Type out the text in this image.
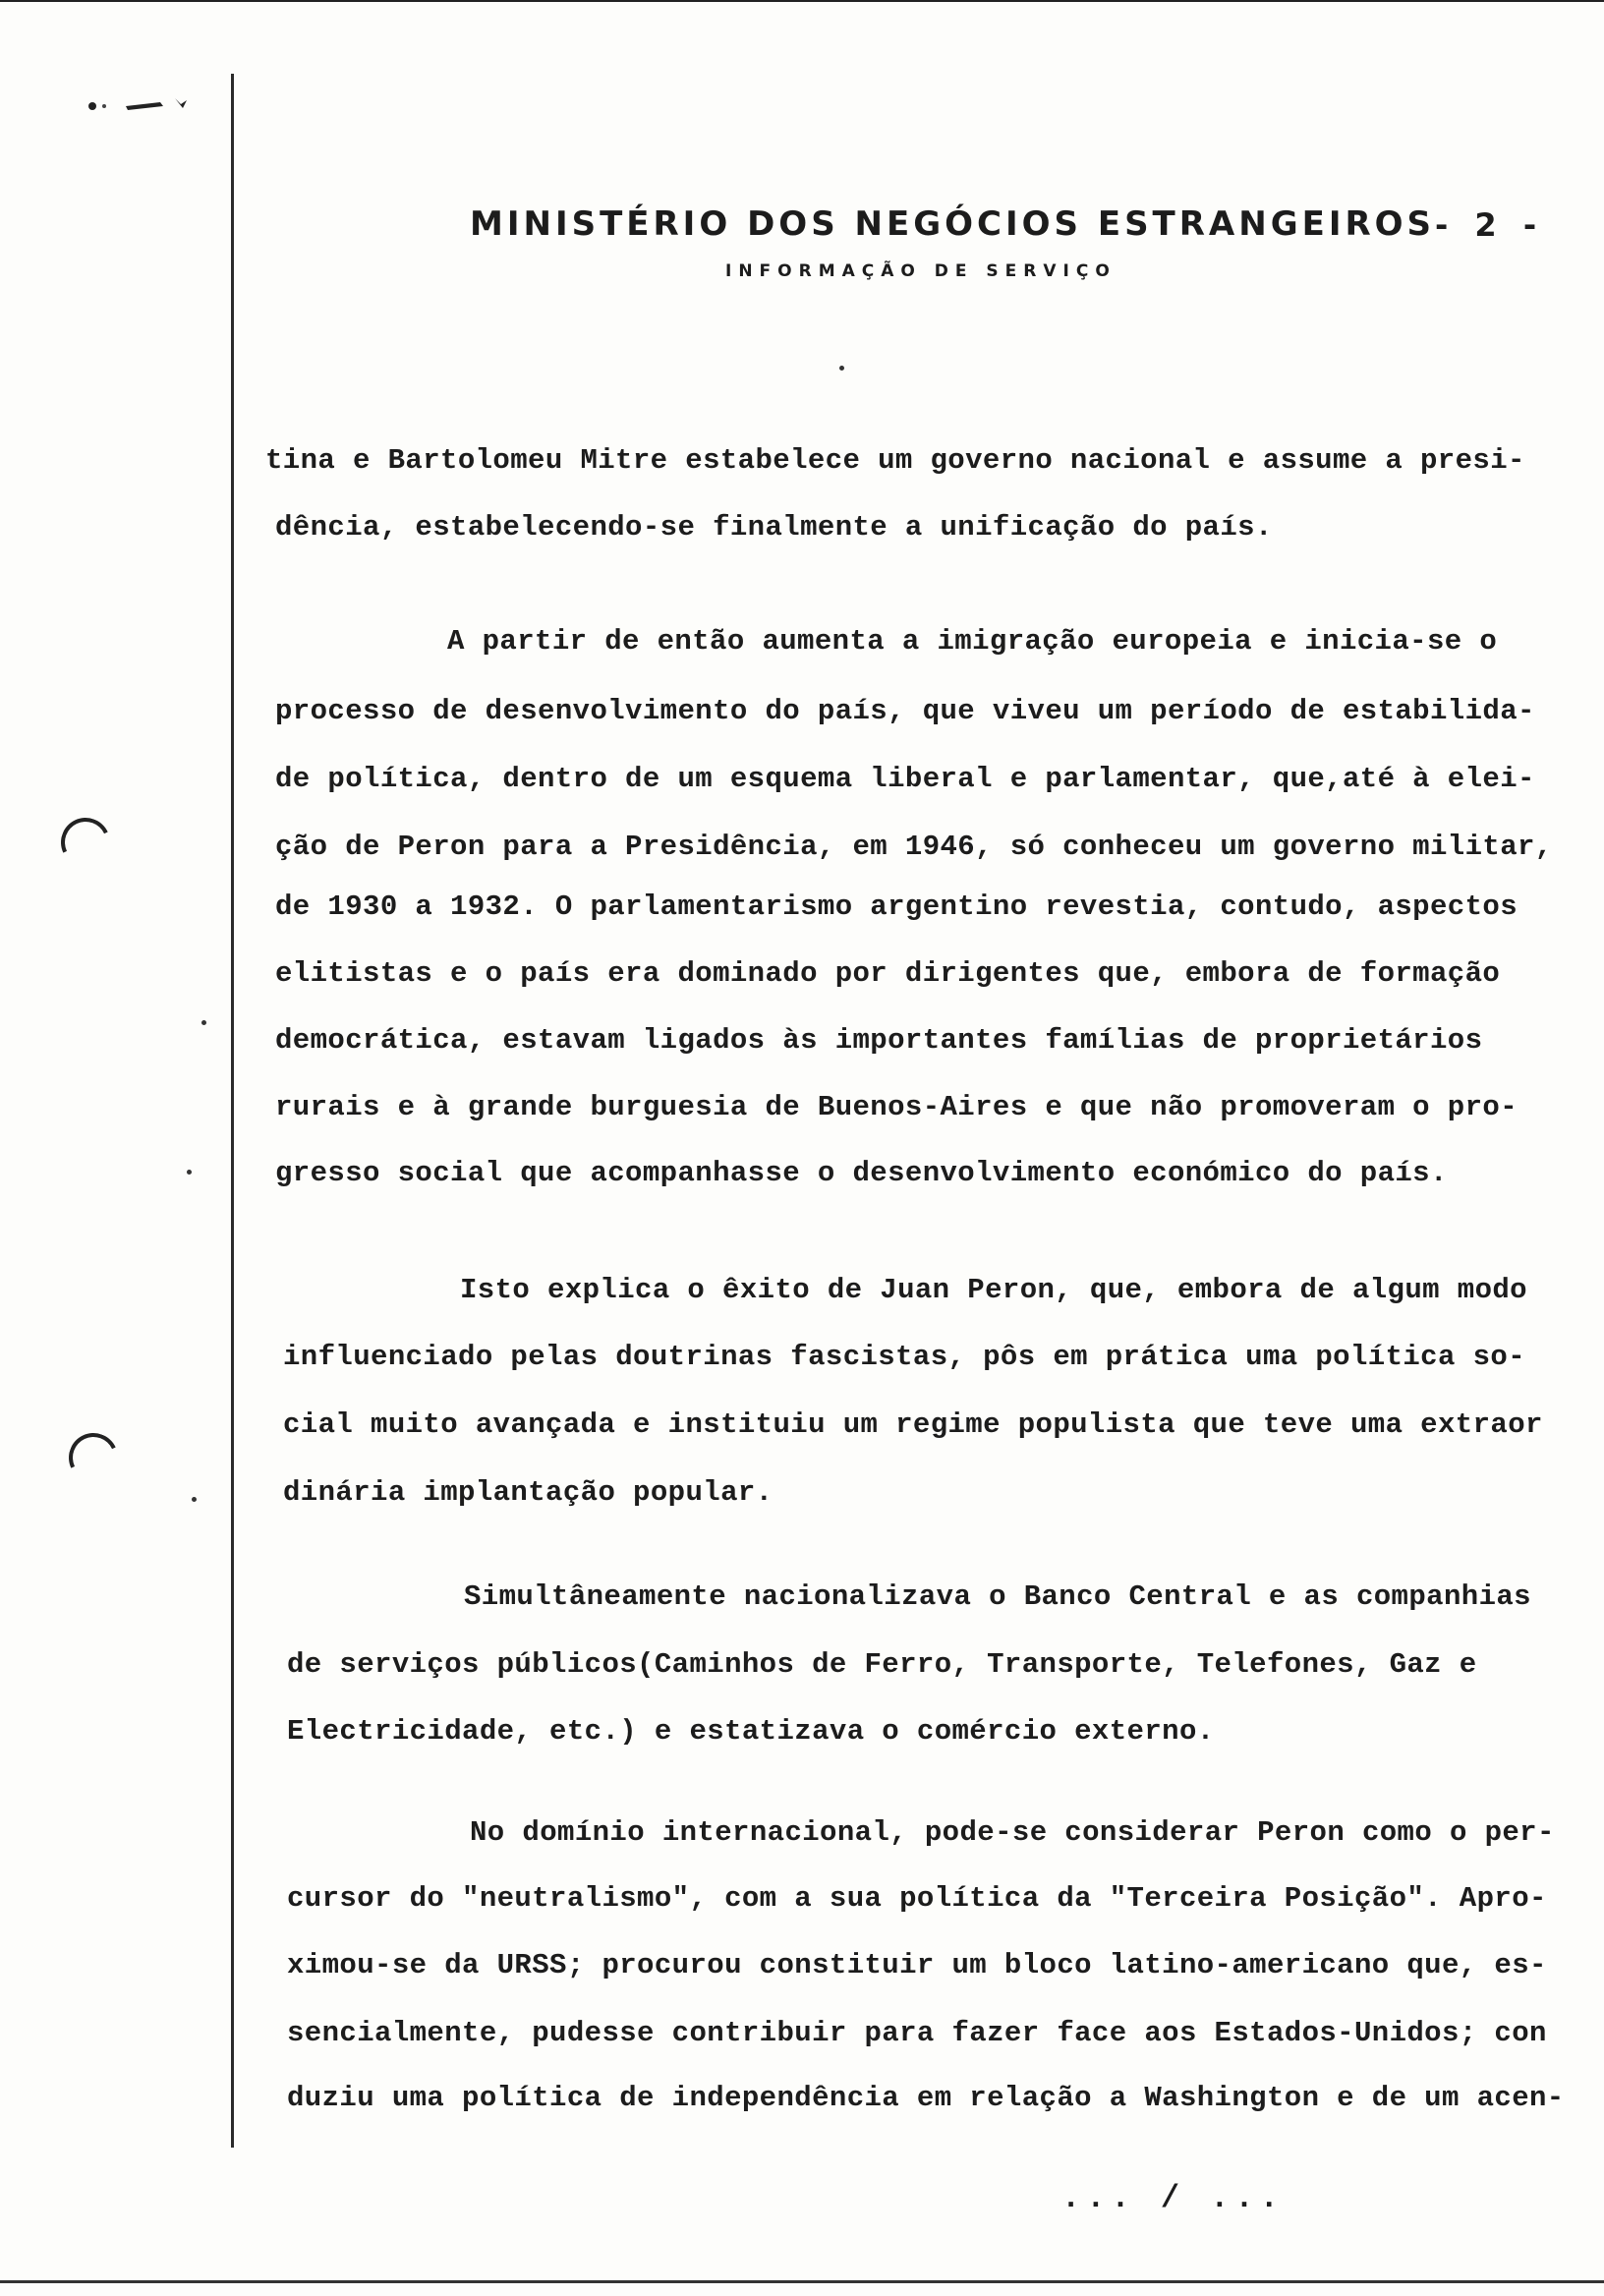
MINISTÉRIO DOS NEGÓCIOS ESTRANGEIROS - 2 -
INFORMAÇÃO DE SERVIÇO
tina e Bartolomeu Mitre estabelece um governo nacional e assume a presi-
dência, estabelecendo-se finalmente a unificação do país.
A partir de então aumenta a imigração europeia e inicia-se o
processo de desenvolvimento do país, que viveu um período de estabilida-
de política, dentro de um esquema liberal e parlamentar, que,até à elei-
ção de Peron para a Presidência, em 1946, só conheceu um governo militar,
de 1930 a 1932. O parlamentarismo argentino revestia, contudo, aspectos
elitistas e o país era dominado por dirigentes que, embora de formação
democrática, estavam ligados às importantes famílias de proprietários
rurais e à grande burguesia de Buenos-Aires e que não promoveram o pro-
gresso social que acompanhasse o desenvolvimento económico do país.
Isto explica o êxito de Juan Peron, que, embora de algum modo
influenciado pelas doutrinas fascistas, pôs em prática uma política so-
cial muito avançada e instituiu um regime populista que teve uma extraor
dinária implantação popular.
Simultâneamente nacionalizava o Banco Central e as companhias
de serviços públicos(Caminhos de Ferro, Transporte, Telefones, Gaz e
Electricidade, etc.) e estatizava o comércio externo.
No domínio internacional, pode-se considerar Peron como o per-
cursor do "neutralismo", com a sua política da "Terceira Posição". Apro-
ximou-se da URSS; procurou constituir um bloco latino-americano que, es-
sencialmente, pudesse contribuir para fazer face aos Estados-Unidos; con
duziu uma política de independência em relação a Washington e de um acen-
... / ...
